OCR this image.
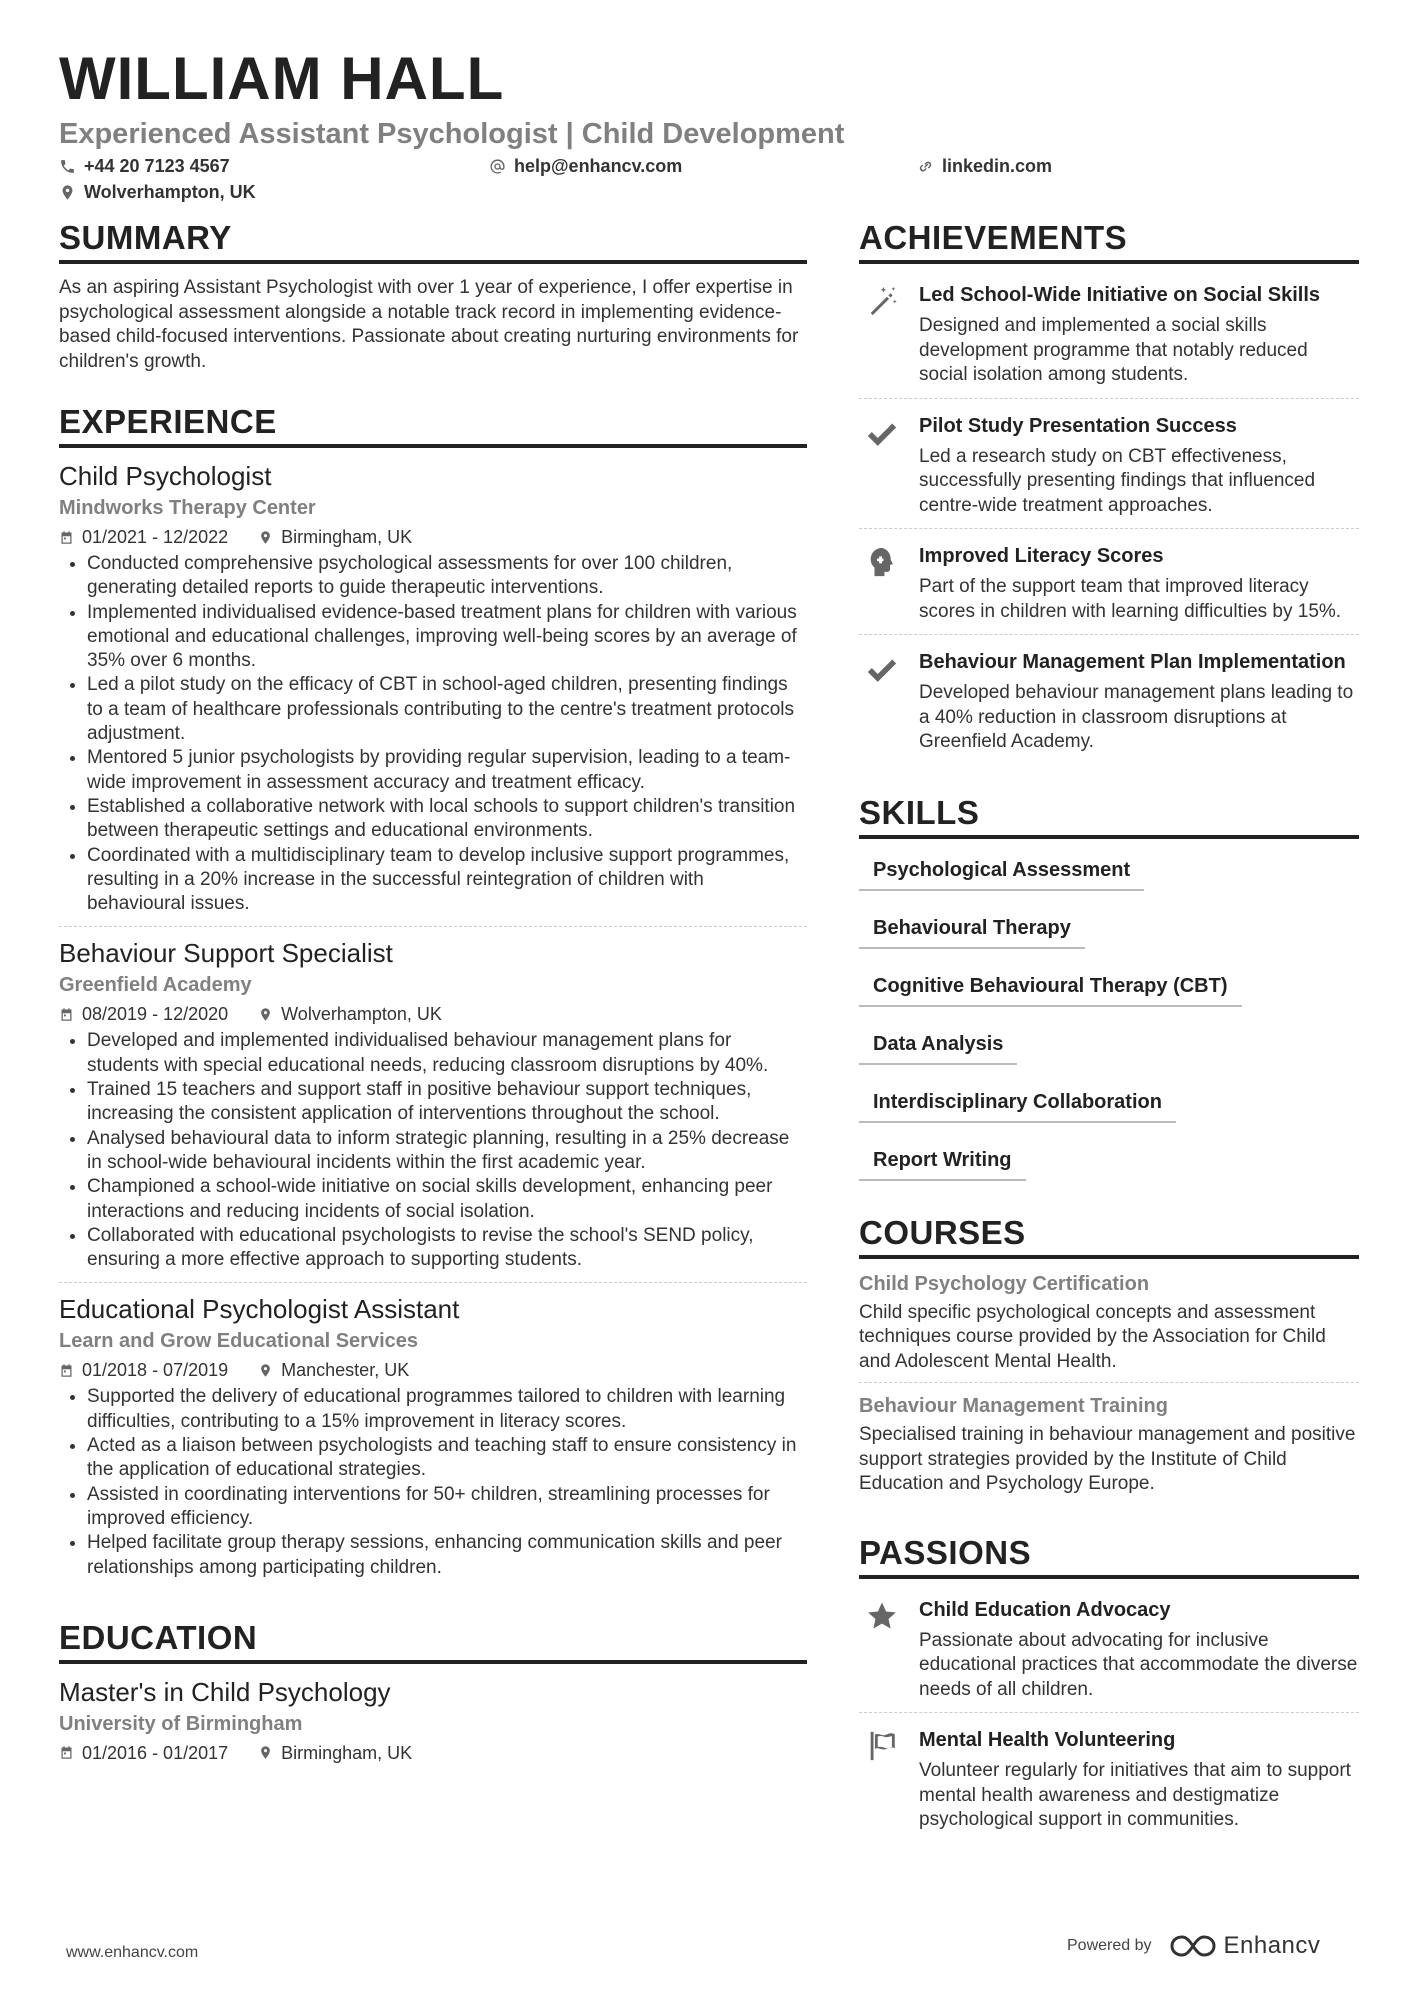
WILLIAM HALL
Experienced Assistant Psychologist | Child Development
+44 20 7123 4567	help@enhancv.com	linkedin.com
Wolverhampton, UK
SUMMARY

As an aspiring Assistant Psychologist with over 1 year of experience, I offer expertise in psychological assessment alongside a notable track record in implementing evidence-based child-focused interventions. Passionate about creating nurturing environments for children's growth.

EXPERIENCE
Child Psychologist
Mindworks Therapy Center
01/2021 - 12/2022	Birmingham, UK
• Conducted comprehensive psychological assessments for over 100 children, generating detailed reports to guide therapeutic interventions.
• Implemented individualised evidence-based treatment plans for children with various emotional and educational challenges, improving well-being scores by an average of 35% over 6 months.
• Led a pilot study on the efficacy of CBT in school-aged children, presenting findings to a team of healthcare professionals contributing to the centre's treatment protocols adjustment.
• Mentored 5 junior psychologists by providing regular supervision, leading to a team-wide improvement in assessment accuracy and treatment efficacy.
• Established a collaborative network with local schools to support children's transition between therapeutic settings and educational environments.
• Coordinated with a multidisciplinary team to develop inclusive support programmes, resulting in a 20% increase in the successful reintegration of children with behavioural issues.
Behaviour Support Specialist
Greenfield Academy
08/2019 - 12/2020	Wolverhampton, UK
• Developed and implemented individualised behaviour management plans for students with special educational needs, reducing classroom disruptions by 40%.
• Trained 15 teachers and support staff in positive behaviour support techniques, increasing the consistent application of interventions throughout the school.
• Analysed behavioural data to inform strategic planning, resulting in a 25% decrease in school-wide behavioural incidents within the first academic year.
• Championed a school-wide initiative on social skills development, enhancing peer interactions and reducing incidents of social isolation.
• Collaborated with educational psychologists to revise the school's SEND policy, ensuring a more effective approach to supporting students.
Educational Psychologist Assistant
Learn and Grow Educational Services
01/2018 - 07/2019	Manchester, UK
• Supported the delivery of educational programmes tailored to children with learning difficulties, contributing to a 15% improvement in literacy scores.
• Acted as a liaison between psychologists and teaching staff to ensure consistency in the application of educational strategies.
• Assisted in coordinating interventions for 50+ children, streamlining processes for improved efficiency.
• Helped facilitate group therapy sessions, enhancing communication skills and peer relationships among participating children.
EDUCATION
Master's in Child Psychology
University of Birmingham
01/2016 - 01/2017	Birmingham, UK
ACHIEVEMENTS
Led School-Wide Initiative on Social Skills
Designed and implemented a social skills development programme that notably reduced social isolation among students.
Pilot Study Presentation Success
Led a research study on CBT effectiveness, successfully presenting findings that influenced centre-wide treatment approaches.
Improved Literacy Scores
Part of the support team that improved literacy scores in children with learning difficulties by 15%.
Behaviour Management Plan Implementation
Developed behaviour management plans leading to a 40% reduction in classroom disruptions at Greenfield Academy.
SKILLS
Psychological Assessment
Behavioural Therapy
Cognitive Behavioural Therapy (CBT)
Data Analysis
Interdisciplinary Collaboration
Report Writing
COURSES
Child Psychology Certification
Child specific psychological concepts and assessment techniques course provided by the Association for Child and Adolescent Mental Health.
Behaviour Management Training
Specialised training in behaviour management and positive support strategies provided by the Institute of Child Education and Psychology Europe.
PASSIONS
Child Education Advocacy
Passionate about advocating for inclusive educational practices that accommodate the diverse needs of all children.
Mental Health Volunteering
Volunteer regularly for initiatives that aim to support mental health awareness and destigmatize psychological support in communities.
www.enhancv.com	Powered by	Enhancv
